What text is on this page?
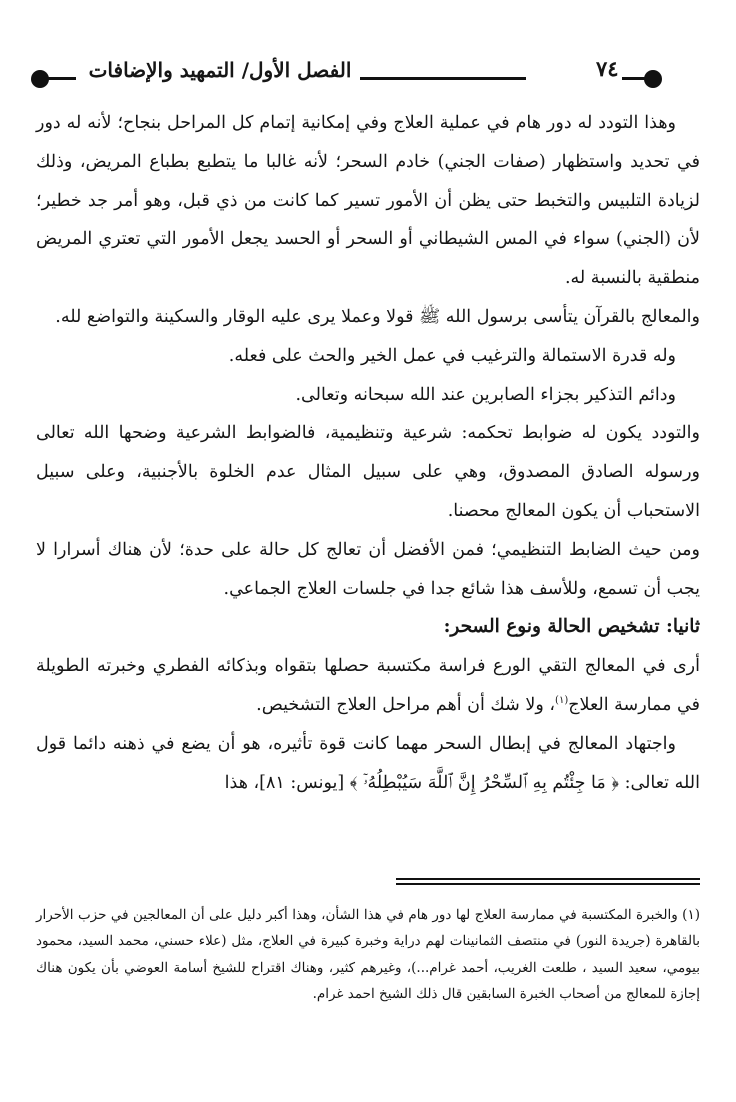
٧٤
الفصل الأول/ التمهيد والإضافات

وهذا التودد له دور هام في عملية العلاج وفي إمكانية إتمام كل المراحل بنجاح؛ لأنه له دور في تحديد واستظهار (صفات الجني) خادم السحر؛ لأنه غالبا ما يتطبع بطباع المريض، وذلك لزيادة التلبيس والتخبط حتى يظن أن الأمور تسير كما كانت من ذي قبل، وهو أمر جد خطير؛ لأن (الجني) سواء في المس الشيطاني أو السحر أو الحسد يجعل الأمور التي تعتري المريض منطقية بالنسبة له.

والمعالج بالقرآن يتأسى برسول الله ﷺ قولا وعملا يرى عليه الوقار والسكينة والتواضع لله.

وله قدرة الاستمالة والترغيب في عمل الخير والحث على فعله.

ودائم التذكير بجزاء الصابرين عند الله سبحانه وتعالى.

والتودد يكون له ضوابط تحكمه: شرعية وتنظيمية، فالضوابط الشرعية وضحها الله تعالى ورسوله الصادق المصدوق، وهي على سبيل المثال عدم الخلوة بالأجنبية، وعلى سبيل الاستحباب أن يكون المعالج محصنا.

ومن حيث الضابط التنظيمي؛ فمن الأفضل أن تعالج كل حالة على حدة؛ لأن هناك أسرارا لا يجب أن تسمع، وللأسف هذا شائع جدا في جلسات العلاج الجماعي.

ثانيا: تشخيص الحالة ونوع السحر:

أرى في المعالج التقي الورع فراسة مكتسبة حصلها بتقواه وبذكائه الفطري وخبرته الطويلة في ممارسة العلاج$^{(١)}$، ولا شك أن أهم مراحل العلاج التشخيص.

واجتهاد المعالج في إبطال السحر مهما كانت قوة تأثيره، هو أن يضع في ذهنه دائما قول الله تعالى: ﴿ مَا جِئْتُم بِهِ ٱلسِّحْرُ إِنَّ ٱللَّهَ سَيُبْطِلُهُۥٓ ﴾ [يونس: ٨١]، هذا

(١) والخبرة المكتسبة في ممارسة العلاج لها دور هام في هذا الشأن، وهذا أكبر دليل على أن المعالجين في حزب الأحرار بالقاهرة (جريدة النور) في منتصف الثمانينات لهم دراية وخبرة كبيرة في العلاج، مثل (علاء حسني، محمد السيد، محمود بيومي، سعيد السيد ، طلعت الغريب، أحمد غرام...)، وغيرهم كثير، وهناك اقتراح للشيخ أسامة العوضي بأن يكون هناك إجازة للمعالج من أصحاب الخبرة السابقين قال ذلك الشيخ احمد غرام.
